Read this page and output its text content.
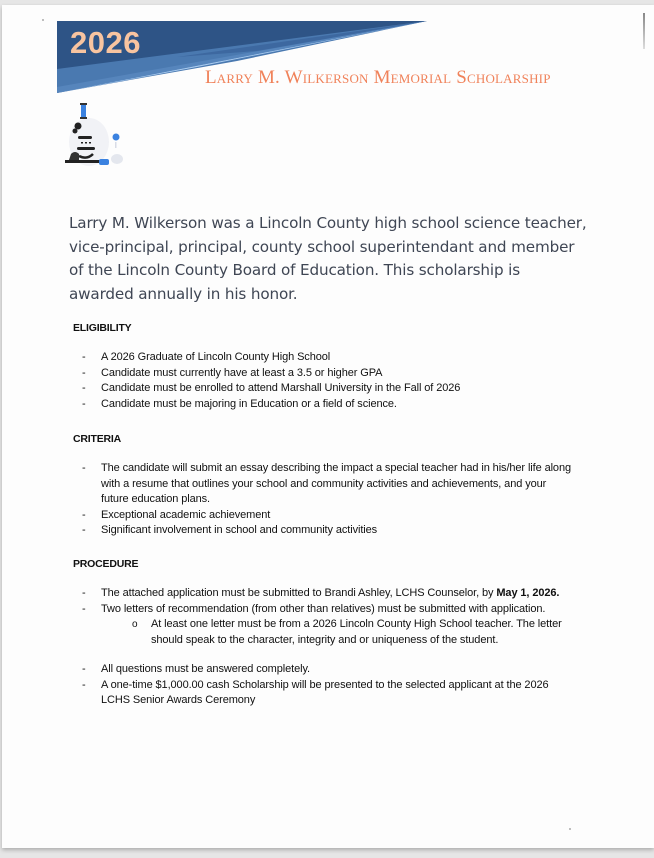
2026
Larry M. Wilkerson Memorial Scholarship
Larry M. Wilkerson was a Lincoln County high school science teacher, vice-principal, principal, county school superintendant and member of the Lincoln County Board of Education. This scholarship is awarded annually in his honor.
ELIGIBILITY
- A 2026 Graduate of Lincoln County High School
- Candidate must currently have at least a 3.5 or higher GPA
- Candidate must be enrolled to attend Marshall University in the Fall of 2026
- Candidate must be majoring in Education or a field of science.
CRITERIA
- The candidate will submit an essay describing the impact a special teacher had in his/her life along with a resume that outlines your school and community activities and achievements, and your future education plans.
- Exceptional academic achievement
- Significant involvement in school and community activities
PROCEDURE
- The attached application must be submitted to Brandi Ashley, LCHS Counselor, by May 1, 2026.
- Two letters of recommendation (from other than relatives) must be submitted with application.
o At least one letter must be from a 2026 Lincoln County High School teacher. The letter should speak to the character, integrity and or uniqueness of the student.
- All questions must be answered completely.
- A one-time $1,000.00 cash Scholarship will be presented to the selected applicant at the 2026 LCHS Senior Awards Ceremony
